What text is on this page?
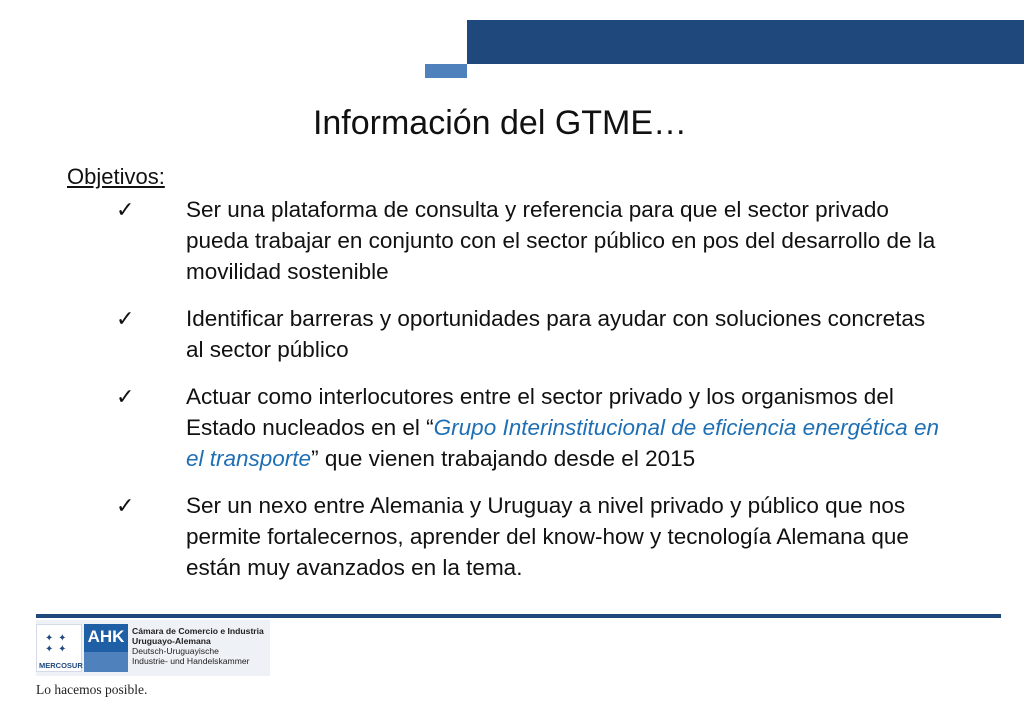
Información del GTME…
Objetivos:
✓ Ser una plataforma de consulta y referencia para que el sector privado pueda trabajar en conjunto con el sector público en pos del desarrollo de la movilidad sostenible
✓ Identificar barreras y oportunidades para ayudar con soluciones concretas al sector público
✓ Actuar como interlocutores entre el sector privado y los organismos del Estado nucleados en el “Grupo Interinstitucional de eficiencia energética en el transporte” que vienen trabajando desde el 2015
✓ Ser un nexo entre Alemania y Uruguay a nivel privado y público que nos permite fortalecernos, aprender del know-how y tecnología Alemana que están muy avanzados en la tema.
✦ ✦
✦ ✦
MERCOSUR
AHK Cámara de Comercio e Industria
Uruguayo-Alemana
Deutsch-Uruguayische
Industrie- und Handelskammer
Lo hacemos posible.
